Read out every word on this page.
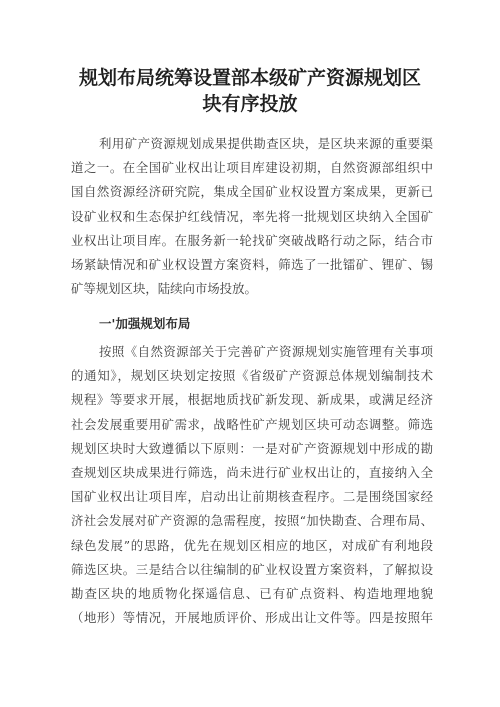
规划布局统筹设置部本级矿产资源规划区
块有序投放
利用矿产资源规划成果提供勘查区块，是区块来源的重要渠
道之一。在全国矿业权出让项目库建设初期，自然资源部组织中
国自然资源经济研究院，集成全国矿业权设置方案成果，更新已
设矿业权和生态保护红线情况，率先将一批规划区块纳入全国矿
业权出让项目库。在服务新一轮找矿突破战略行动之际，结合市
场紧缺情况和矿业权设置方案资料，筛选了一批镭矿、锂矿、锡
矿等规划区块，陆续向市场投放。
一'加强规划布局
按照《自然资源部关于完善矿产资源规划实施管理有关事项
的通知》，规划区块划定按照《省级矿产资源总体规划编制技术
规程》等要求开展，根据地质找矿新发现、新成果，或满足经济
社会发展重要用矿需求，战略性矿产规划区块可动态调整。筛选
规划区块时大致遵循以下原则：一是对矿产资源规划中形成的勘
查规划区块成果进行筛选，尚未进行矿业权出让的，直接纳入全
国矿业权出让项目库，启动出让前期核查程序。二是围绕国家经
济社会发展对矿产资源的急需程度，按照“加快勘查、合理布局、
绿色发展”的思路，优先在规划区相应的地区，对成矿有利地段
筛选区块。三是结合以往编制的矿业权设置方案资料，了解拟设
勘查区块的地质物化探遥信息、已有矿点资料、构造地理地貌
（地形）等情况，开展地质评价、形成出让文件等。四是按照年
